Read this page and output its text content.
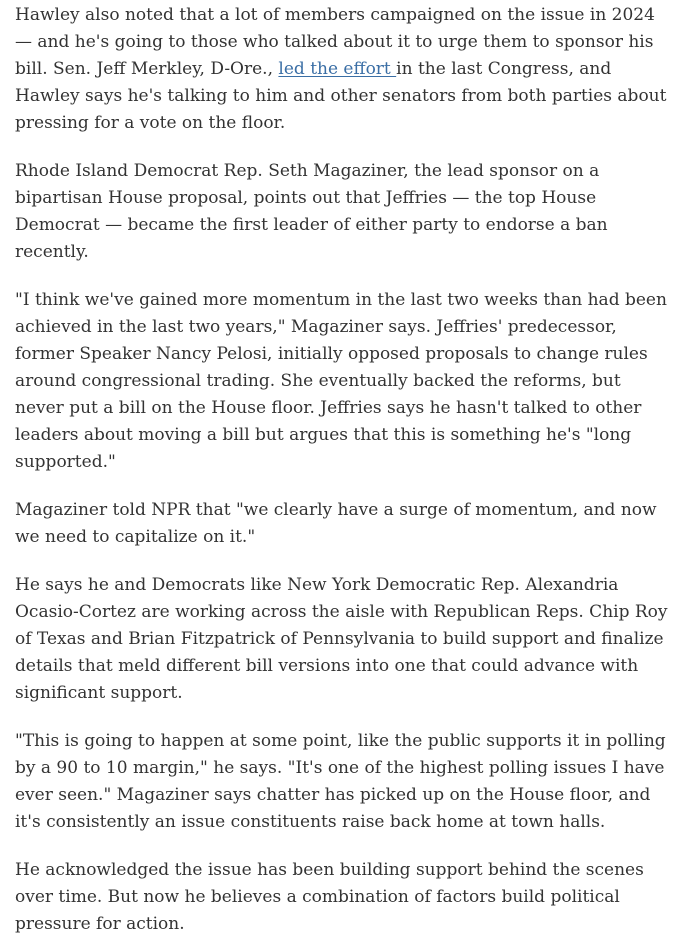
Hawley also noted that a lot of members campaigned on the issue in 2024 — and he's going to those who talked about it to urge them to sponsor his bill. Sen. Jeff Merkley, D-Ore., led the effort in the last Congress, and Hawley says he's talking to him and other senators from both parties about pressing for a vote on the floor.

Rhode Island Democrat Rep. Seth Magaziner, the lead sponsor on a bipartisan House proposal, points out that Jeffries — the top House Democrat — became the first leader of either party to endorse a ban recently.

"I think we've gained more momentum in the last two weeks than had been achieved in the last two years," Magaziner says. Jeffries' predecessor, former Speaker Nancy Pelosi, initially opposed proposals to change rules around congressional trading. She eventually backed the reforms, but never put a bill on the House floor. Jeffries says he hasn't talked to other leaders about moving a bill but argues that this is something he's "long supported."

Magaziner told NPR that "we clearly have a surge of momentum, and now we need to capitalize on it."

He says he and Democrats like New York Democratic Rep. Alexandria Ocasio-Cortez are working across the aisle with Republican Reps. Chip Roy of Texas and Brian Fitzpatrick of Pennsylvania to build support and finalize details that meld different bill versions into one that could advance with significant support.

"This is going to happen at some point, like the public supports it in polling by a 90 to 10 margin," he says. "It's one of the highest polling issues I have ever seen." Magaziner says chatter has picked up on the House floor, and it's consistently an issue constituents raise back home at town halls.

He acknowledged the issue has been building support behind the scenes over time. But now he believes a combination of factors build political pressure for action.
